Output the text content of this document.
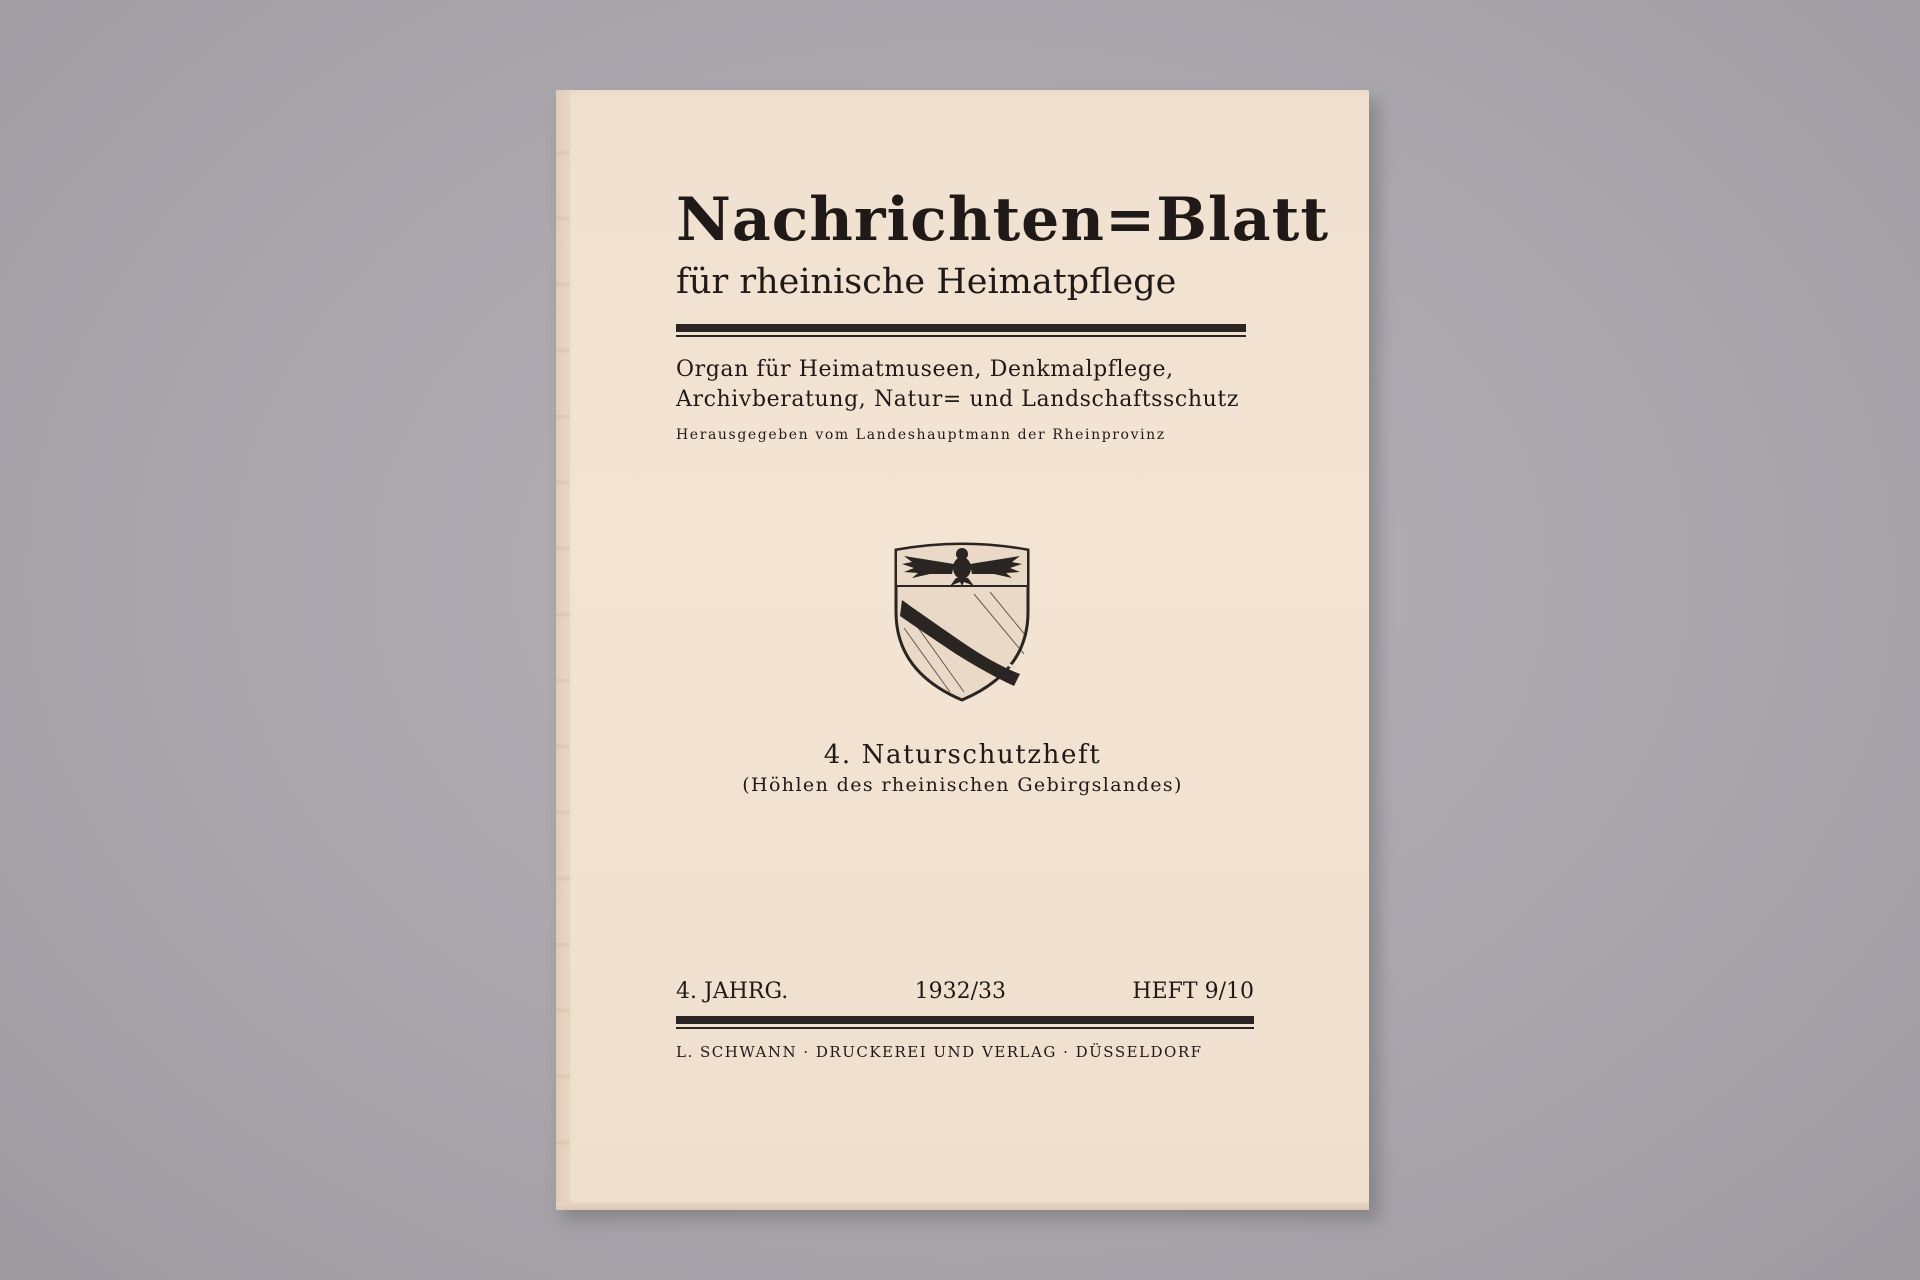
Nachrichten=Blatt
für rheinische Heimatpflege
Organ für Heimatmuseen, Denkmalpflege,
Archivberatung, Natur= und Landschaftsschutz
Herausgegeben vom Landeshauptmann der Rheinprovinz
4. Naturschutzheft
(Höhlen des rheinischen Gebirgslandes)
4. JAHRG.	1932/33	HEFT 9/10
L. SCHWANN · DRUCKEREI UND VERLAG · DÜSSELDORF
